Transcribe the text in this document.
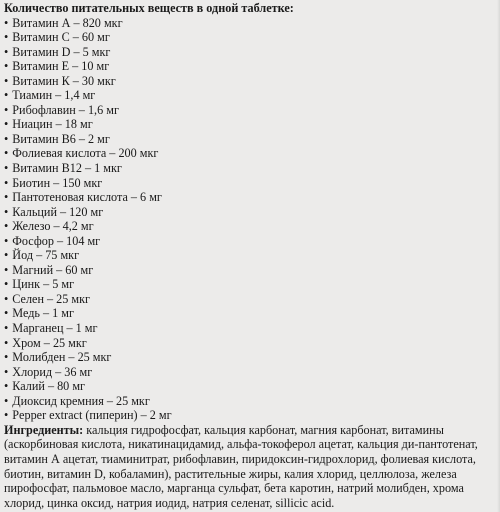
Количество питательных веществ в одной таблетке:
• Витамин А – 820 мкг
• Витамин С – 60 мг
• Витамин D – 5 мкг
• Витамин Е – 10 мг
• Витамин К – 30 мкг
• Тиамин – 1,4 мг
• Рибофлавин – 1,6 мг
• Ниацин – 18 мг
• Витамин В6 – 2 мг
• Фолиевая кислота – 200 мкг
• Витамин В12 – 1 мкг
• Биотин – 150 мкг
• Пантотеновая кислота – 6 мг
• Кальций – 120 мг
• Железо – 4,2 мг
• Фосфор – 104 мг
• Йод – 75 мкг
• Магний – 60 мг
• Цинк – 5 мг
• Селен – 25 мкг
• Медь – 1 мг
• Марганец – 1 мг
• Хром – 25 мкг
• Молибден – 25 мкг
• Хлорид – 36 мг
• Калий – 80 мг
• Диоксид кремния – 25 мкг
• Pepper extract (пиперин) – 2 мг

Ингредиенты: кальция гидрофосфат, кальция карбонат, магния карбонат, витамины (аскорбиновая кислота, никатинацидамид, альфа-токоферол ацетат, кальция ди-пантотенат, витамин А ацетат, тиаминитрат, рибофлавин, пиридоксин-гидрохлорид, фолиевая кислота, биотин, витамин D, кобаламин), растительные жиры, калия хлорид, целлюлоза, железа пирофосфат, пальмовое масло, марганца сульфат, бета каротин, натрий молибден, хрома хлорид, цинка оксид, натрия иодид, натрия селенат, sillicic acid.
